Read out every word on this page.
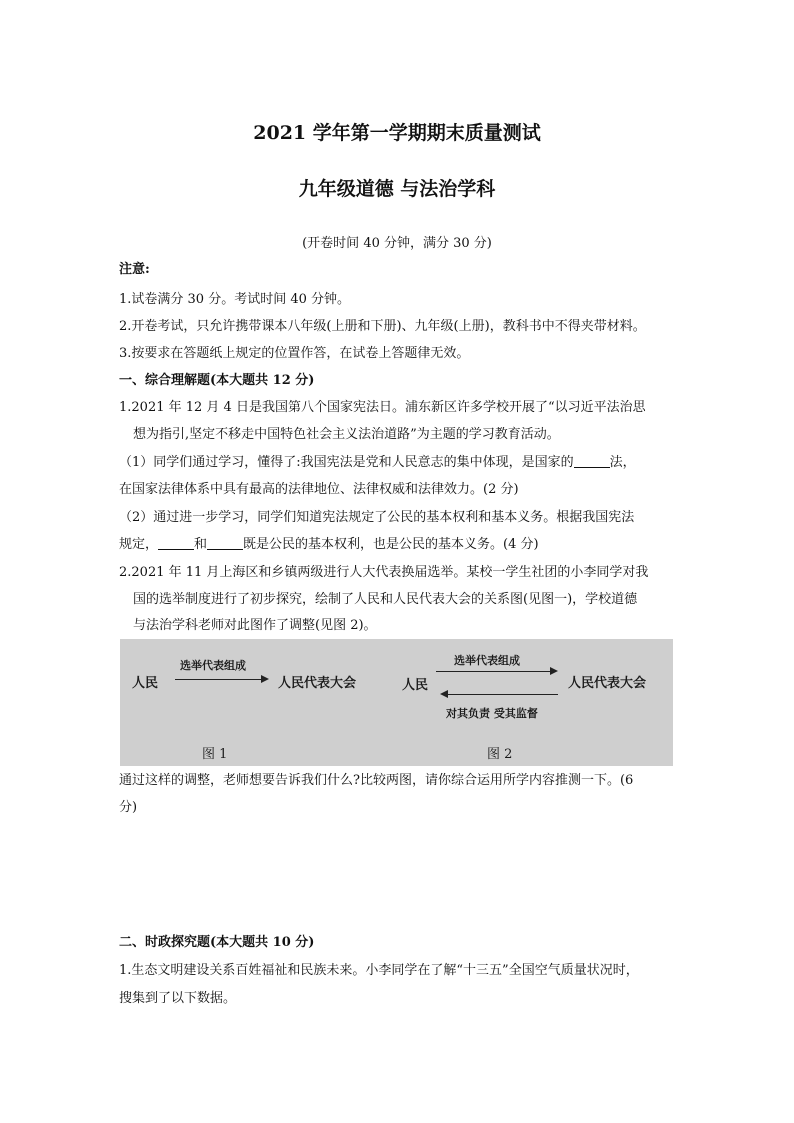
2021 学年第一学期期末质量测试
九年级道德 与法治学科
(开卷时间 40 分钟，满分 30 分)
注意:
1.试卷满分 30 分。考试时间 40 分钟。
2.开卷考试，只允许携带课本八年级(上册和下册)、九年级(上册)，教科书中不得夹带材料。
3.按要求在答题纸上规定的位置作答，在试卷上答题律无效。
一、综合理解题(本大题共 12 分)
1.2021 年 12 月 4 日是我国第八个国家宪法日。浦东新区许多学校开展了“以习近平法治思
想为指引,坚定不移走中国特色社会主义法治道路”为主题的学习教育活动。
（1）同学们通过学习，懂得了:我国宪法是党和人民意志的集中体现，是国家的	法，
在国家法律体系中具有最高的法律地位、法律权威和法律效力。(2 分)
（2）通过进一步学习，同学们知道宪法规定了公民的基本权利和基本义务。根据我国宪法
规定，	和	既是公民的基本权利，也是公民的基本义务。(4 分)
2.2021 年 11 月上海区和乡镇两级进行人大代表换届选举。某校一学生社团的小李同学对我
国的选举制度进行了初步探究，绘制了人民和人民代表大会的关系图(见图一)，学校道德
与法治学科老师对此图作了调整(见图 2)。
人民
选举代表组成
人民代表大会
图 1
人民
选举代表组成
对其负责 受其监督
人民代表大会
图 2
通过这样的调整，老师想要告诉我们什么?比较两图，请你综合运用所学内容推测一下。(6
分)
二、时政探究题(本大题共 10 分)
1.生态文明建设关系百姓福祉和民族未来。小李同学在了解“十三五”全国空气质量状况时，
搜集到了以下数据。
